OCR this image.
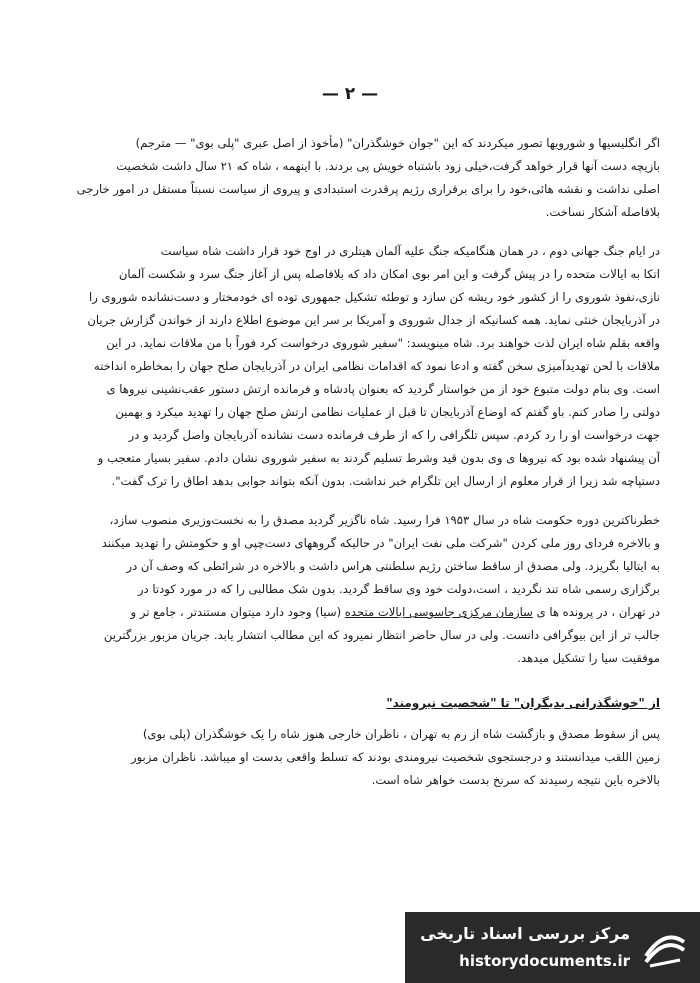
— ۲ —
اگر انگلیسیها و شورویها تصور میکردند که این "جوان خوشگذران" (مأخوذ از اصل عبری "پلی بوی" — مترجم)
بازیچه دست آنها قرار خواهد گرفت،خیلی زود باشتباه خویش پی بردند. با اینهمه ، شاه که ۲۱ سال داشت شخصیت
اصلی نداشت و نقشه هائی،خود را برای برقراری رژیم پرقدرت استبدادی و پیروی از سیاست نسبتاً مستقل در امور خارجی
بلافاصله آشکار نساخت.
در ایام جنگ جهانی دوم ، در همان هنگامیکه جنگ علیه آلمان هیتلری در اوج خود قرار داشت شاه سیاست
اتکا به ایالات متحده را در پیش گرفت و این امر بوی امکان داد که بلافاصله پس از آغاز جنگ سرد و شکست آلمان
نازی،نفوذ شوروی را از کشور خود ریشه کن سازد و توطئه تشکیل جمهوری توده ای خودمختار و دست‌نشانده شوروی را
در آذربایجان خنثی نماید. همه کسانیکه از جدال شوروی و آمریکا بر سر این موضوع اطلاع دارند از خواندن گزارش جریان
واقعه بقلم شاه ایران لذت خواهند برد. شاه مینویسد: "سفیر شوروی درخواست کرد فوراً با من ملاقات نماید. در این
ملاقات با لحن تهدیدآمیزی سخن گفته و ادعا نمود که اقدامات نظامی ایران در آذربایجان صلح جهان را بمخاطره انداخته
است. وی بنام دولت متبوع خود از من خواستار گردید که بعنوان پادشاه و فرمانده ارتش دستور عقب‌نشینی نیروها ی
دولتی را صادر کنم. باو گفتم که اوضاع آذربایجان تا قبل از عملیات نظامی ارتش صلح جهان را تهدید میکرد و بهمین
جهت درخواست او را رد کردم. سپس تلگرافی را که از طرف فرمانده دست نشانده آذربایجان واصل گردید و در
آن پیشنهاد شده بود که نیروها ی وی بدون قید وشرط تسلیم گردند به سفیر شوروی نشان دادم. سفیر بسیار متعجب و
دستپاچه شد زیرا از قرار معلوم از ارسال این تلگرام خبر نداشت. بدون آنکه بتواند جوابی بدهد اطاق را ترک گفت".
خطرناکترین دوره حکومت شاه در سال ۱۹۵۳ فرا رسید. شاه ناگزیر گردید مصدق را به نخست‌وزیری منصوب سازد،
و بالاخره فردای روز ملی کردن "شرکت ملی نفت ایران" در حالیکه گروههای دست‌چپی او و حکومتش را تهدید میکنند
به ایتالیا بگریزد. ولی مصدق از ساقط ساختن رژیم سلطنتی هراس داشت و بالاخره در شرائطی که وصف آن در
برگزاری رسمی شاه تند نگردید ، است،دولت خود وی ساقط گردید. بدون شک مطالبی را که در مورد کودتا در
در تهران ، در پرونده ها ی سازمان مرکزی جاسوسی ایالات متحده (سیا) وجود دارد میتوان مستندتر ، جامع تر و
جالب تر از این بیوگرافی دانست. ولی در سال حاضر انتظار نمیرود که این مطالب انتشار یابد. جریان مزبور بزرگترین
موفقیت سیا را تشکیل میدهد.
از "خوشگذرانی بدیگران" تا "شخصیت نیرومند"
پس از سقوط مصدق و بازگشت شاه از رم به تهران ، ناظران خارجی هنوز شاه را یک خوشگذران (پلی بوی)
زمین اللقب میدانستند و درجستجوی شخصیت نیرومندی بودند که تسلط واقعی بدست او میباشد. ناظران مزبور
بالاخره باین نتیجه رسیدند که سرنخ بدست خواهر شاه است.
مرکز بررسی اسناد تاریخی
historydocuments.ir
